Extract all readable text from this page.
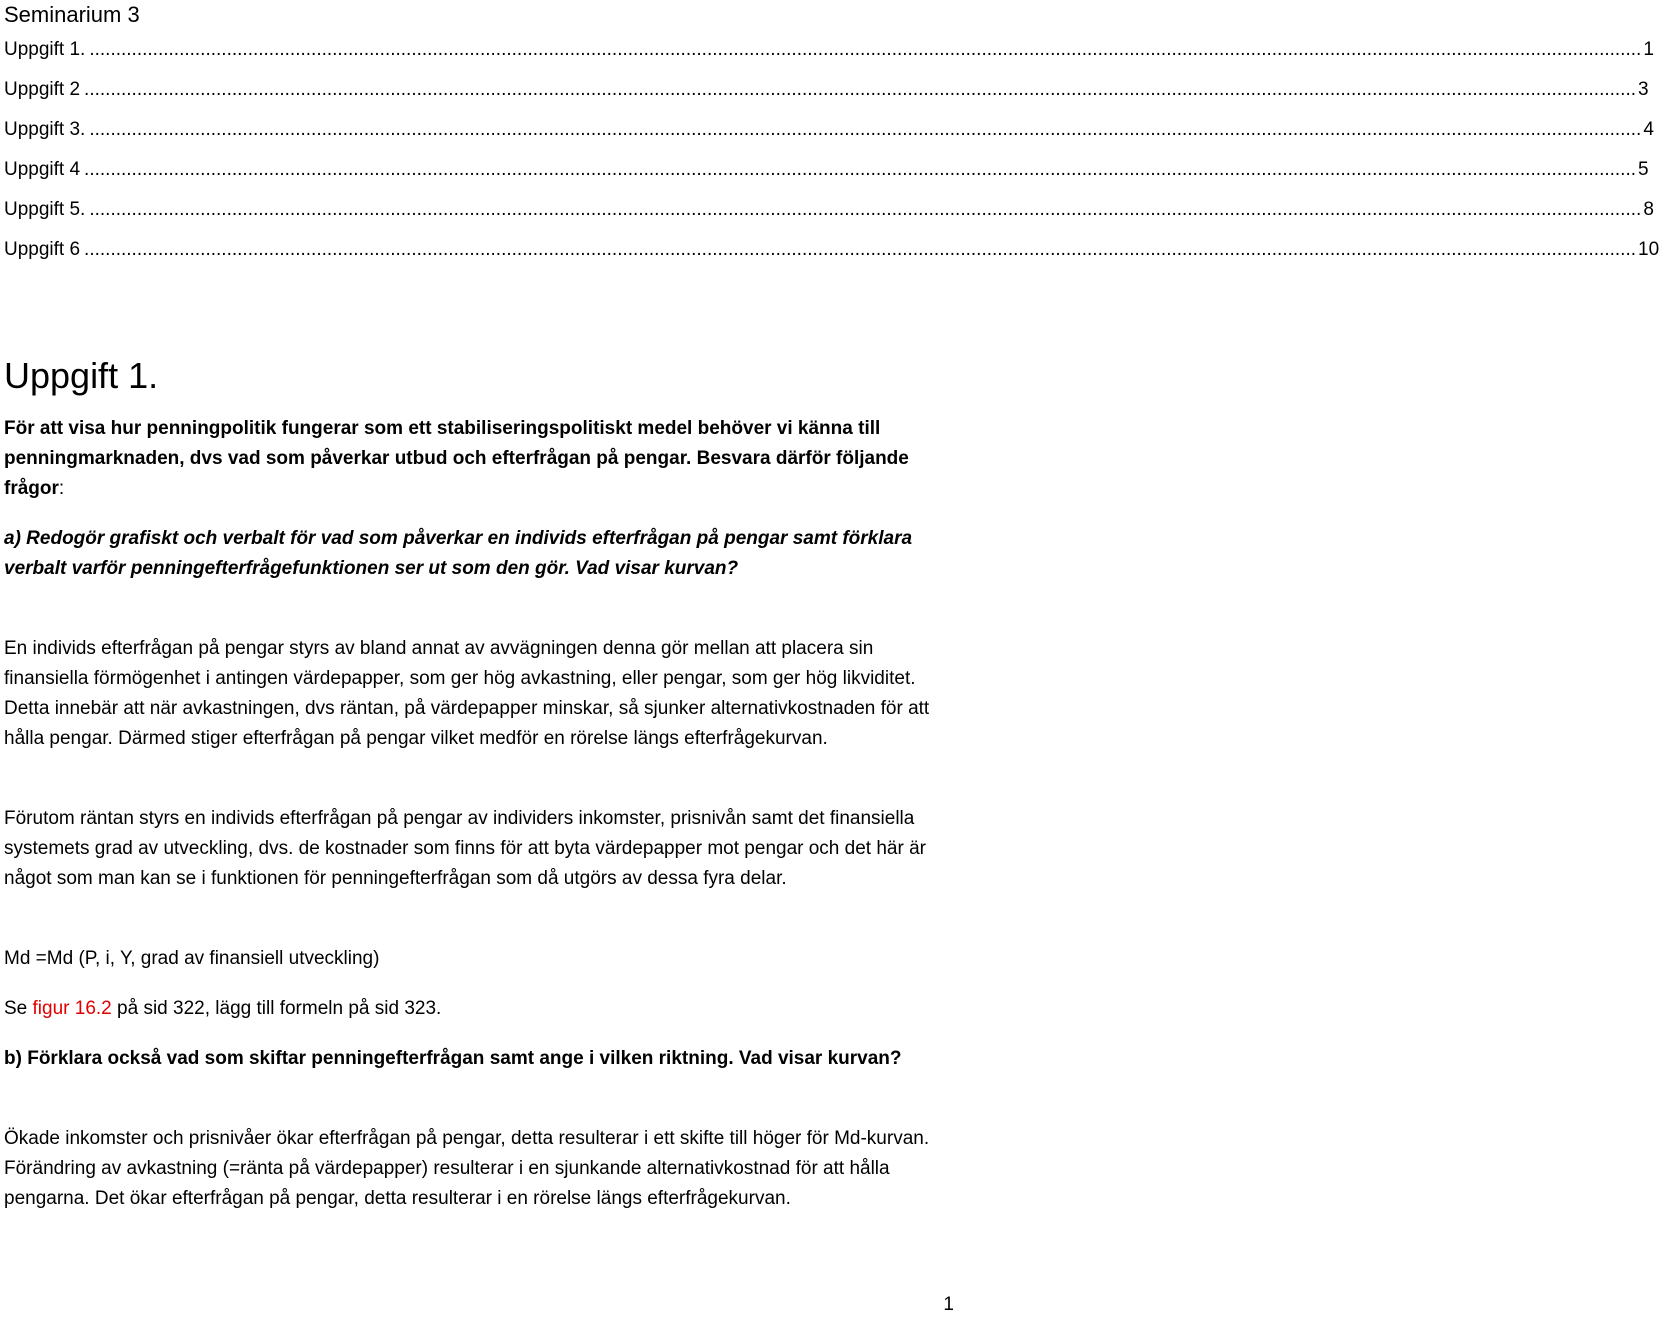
Seminarium 3
Uppgift 1. .....	1
Uppgift 2 .....	3
Uppgift 3. .....	4
Uppgift 4 .....	5
Uppgift 5. .....	8
Uppgift 6 .....	10
Uppgift 1.

För att visa hur penningpolitik fungerar som ett stabiliseringspolitiskt medel behöver vi känna till penningmarknaden, dvs vad som påverkar utbud och efterfrågan på pengar. Besvara därför följande frågor:

a) Redogör grafiskt och verbalt för vad som påverkar en individs efterfrågan på pengar samt förklara verbalt varför penningefterfrågefunktionen ser ut som den gör. Vad visar kurvan?

En individs efterfrågan på pengar styrs av bland annat av avvägningen denna gör mellan att placera sin finansiella förmögenhet i antingen värdepapper, som ger hög avkastning, eller pengar, som ger hög likviditet. Detta innebär att när avkastningen, dvs räntan, på värdepapper minskar, så sjunker alternativkostnaden för att hålla pengar. Därmed stiger efterfrågan på pengar vilket medför en rörelse längs efterfrågekurvan.

Förutom räntan styrs en individs efterfrågan på pengar av individers inkomster, prisnivån samt det finansiella systemets grad av utveckling, dvs. de kostnader som finns för att byta värdepapper mot pengar och det här är något som man kan se i funktionen för penningefterfrågan som då utgörs av dessa fyra delar.

Md =Md (P, i, Y, grad av finansiell utveckling)

Se figur 16.2 på sid 322, lägg till formeln på sid 323.

b) Förklara också vad som skiftar penningefterfrågan samt ange i vilken riktning. Vad visar kurvan?

Ökade inkomster och prisnivåer ökar efterfrågan på pengar, detta resulterar i ett skifte till höger för Md-kurvan. Förändring av avkastning (=ränta på värdepapper) resulterar i en sjunkande alternativkostnad för att hålla pengarna. Det ökar efterfrågan på pengar, detta resulterar i en rörelse längs efterfrågekurvan.

1
